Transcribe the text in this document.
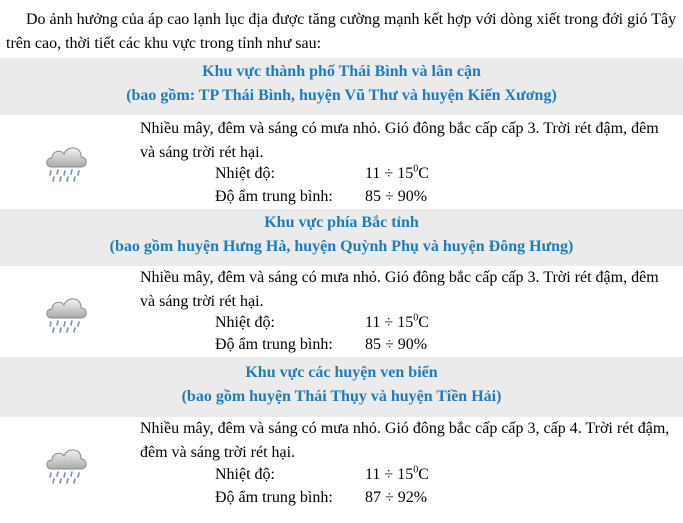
Do ảnh hưởng của áp cao lạnh lục địa được tăng cường mạnh kết hợp với dòng xiết trong đới gió Tây trên cao, thời tiết các khu vực trong tỉnh như sau:

Khu vực thành phố Thái Bình và lân cận
(bao gồm: TP Thái Bình, huyện Vũ Thư và huyện Kiến Xương)
Nhiều mây, đêm và sáng có mưa nhỏ. Gió đông bắc cấp cấp 3. Trời rét đậm, đêm và sáng trời rét hại.
Nhiệt độ:	$11 \div 15^0C$
Độ ẩm trung bình: 85 ÷ 90%
Khu vực phía Bắc tỉnh
(bao gồm huyện Hưng Hà, huyện Quỳnh Phụ và huyện Đông Hưng)
Nhiều mây, đêm và sáng có mưa nhỏ. Gió đông bắc cấp cấp 3. Trời rét đậm, đêm và sáng trời rét hại.
Nhiệt độ:	$11 \div 15^0C$
Độ ẩm trung bình: 85 ÷ 90%
Khu vực các huyện ven biển
(bao gồm huyện Thái Thụy và huyện Tiền Hải)
Nhiều mây, đêm và sáng có mưa nhỏ. Gió đông bắc cấp cấp 3, cấp 4. Trời rét đậm, đêm và sáng trời rét hại.
Nhiệt độ:	$11 \div 15^0C$
Độ ẩm trung bình: 87 ÷ 92%
